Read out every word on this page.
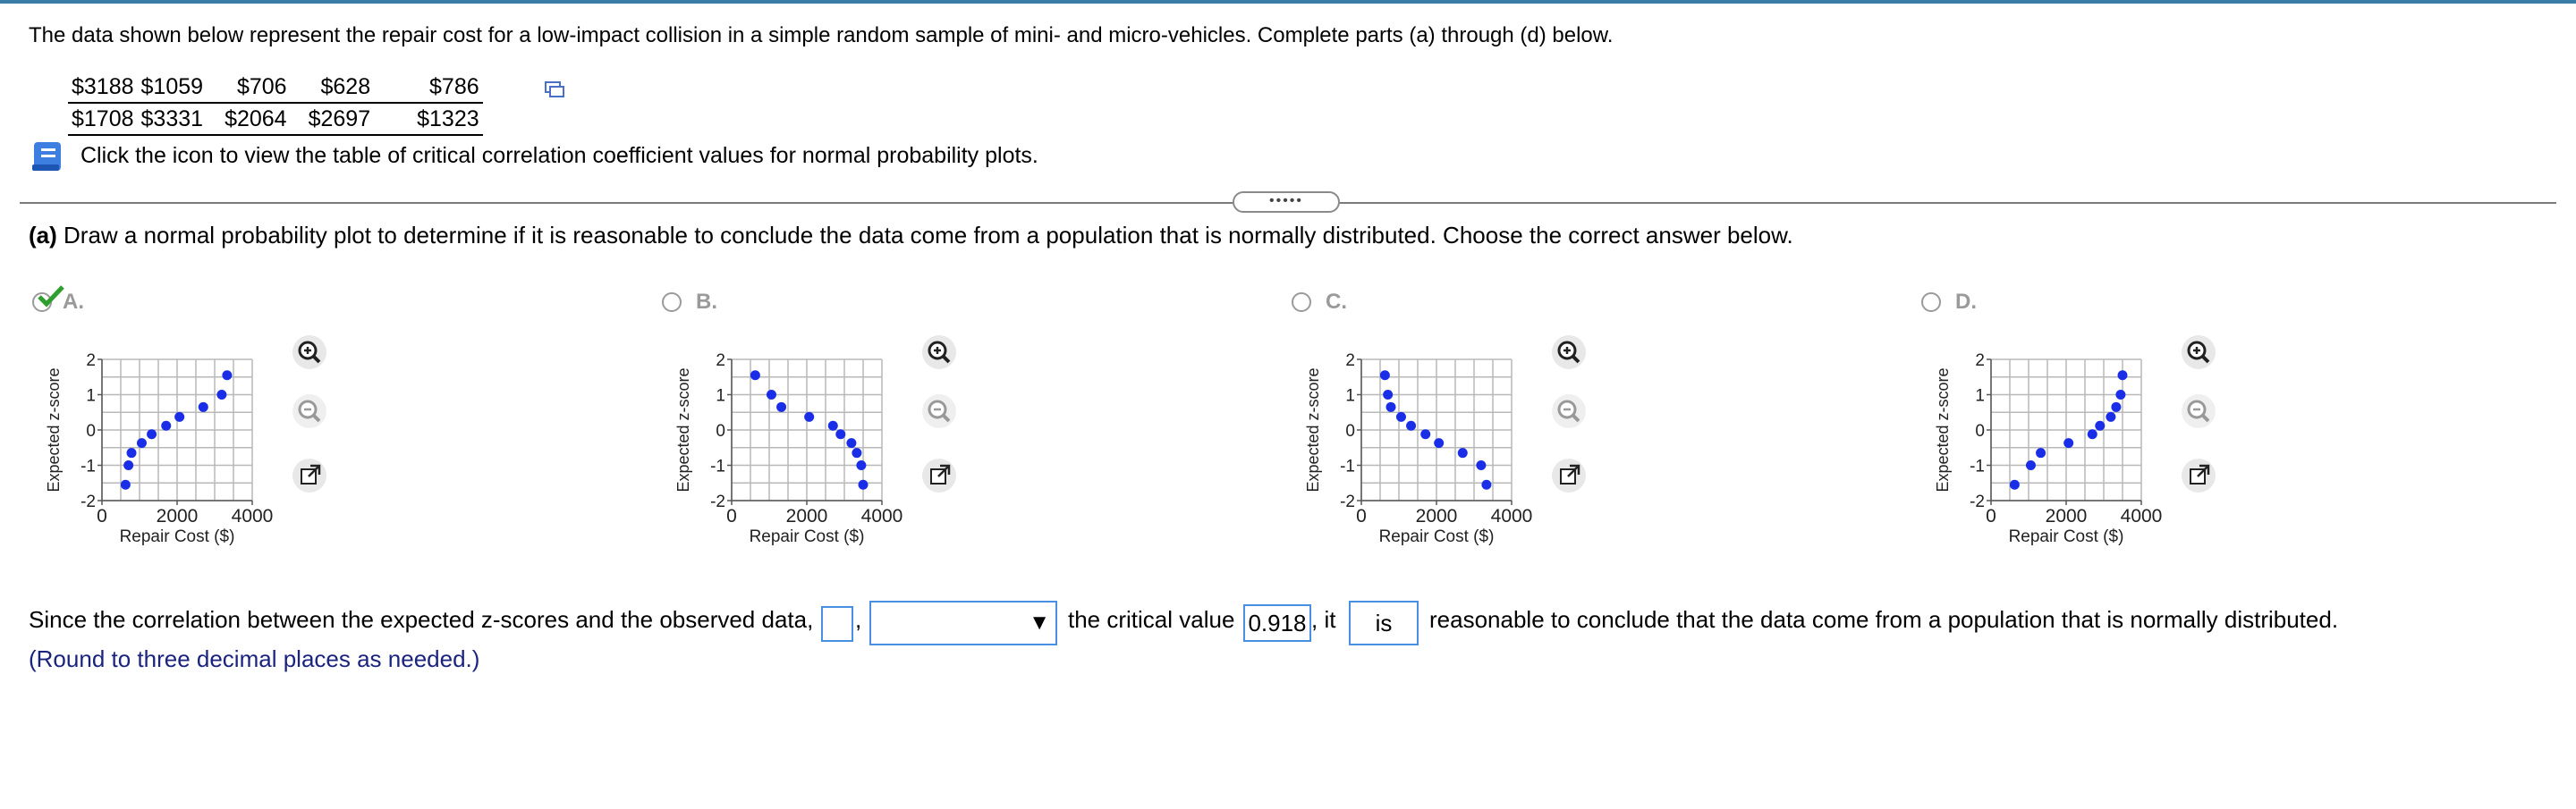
The data shown below represent the repair cost for a low-impact collision in a simple random sample of mini- and micro-vehicles. Complete parts (a) through (d) below.
$3188	$1059	$706	$628	$786
$1708	$3331	$2064	$2697	$1323
Click the icon to view the table of critical correlation coefficient values for normal probability plots.
•••••
(a) Draw a normal probability plot to determine if it is reasonable to conclude the data come from a population that is normally distributed. Choose the correct answer below.
A.
2
1
0
-1
-2
0	2000 4000
Repair Cost ($)
Expected z-score
B.
2
1
0
-1
-2
0	2000 4000
Repair Cost ($)
Expected z-score
C.
2
1
0
-1
-2
0	2000 4000
Repair Cost ($)
Expected z-score
D.
2
1
0
-1
-2
0	2000 4000
Repair Cost ($)
Expected z-score
Since the correlation between the expected z-scores and the observed data, ,	▼ the critical value 0.918 , it	is	reasonable to conclude that the data come from a population that is normally distributed.
(Round to three decimal places as needed.)
